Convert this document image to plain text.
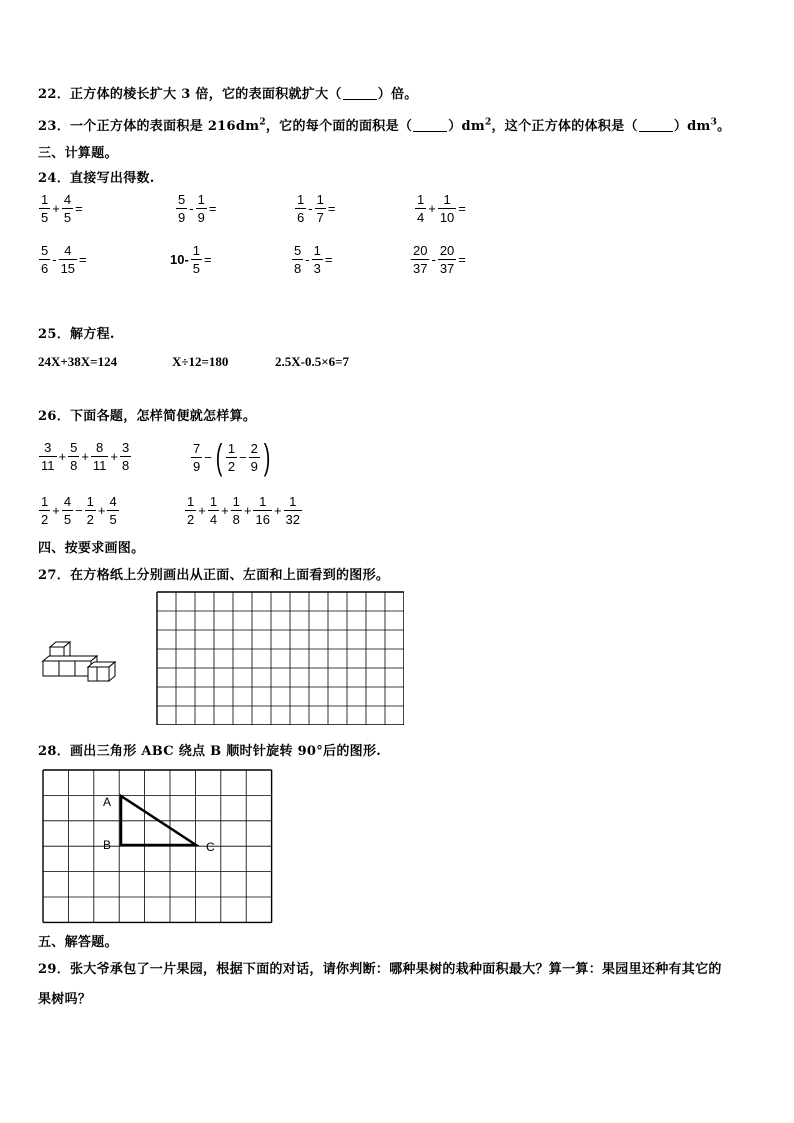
22．正方体的棱长扩大 3 倍，它的表面积就扩大（	）倍。
23．一个正方体的表面积是 $216dm^2$，它的每个面的面积是（	）$dm^2$，这个正方体的体积是（	）$dm^3$。
三、计算题。
24．直接写出得数.
$\frac{1}{5} + \frac{4}{5}$ =	$\frac{5}{9} - \frac{1}{9}$ =	$\frac{1}{6} - \frac{1}{7}$ =	$\frac{1}{4} + \frac{1}{10}$ =
$\frac{5}{6} - \frac{4}{15}$ =	$10- \frac{1}{5}$ =	$\frac{5}{8} - \frac{1}{3}$ =	$\frac{20}{37} - \frac{20}{37}$ =
25．解方程.
24X+38X=124	X÷12=180	2.5X-0.5×6=7
26．下面各题，怎样简便就怎样算。
$\frac{3}{11} + \frac{5}{8} + \frac{8}{11} + \frac{3}{8}$	$\frac{7}{9}$ − ( $\frac{1}{2} - \frac{2}{9}$ )
$\frac{1}{2} + \frac{4}{5} - \frac{1}{2} + \frac{4}{5}$	$\frac{1}{2} + \frac{1}{4} + \frac{1}{8} + \frac{1}{16} + \frac{1}{32}$
四、按要求画图。
27．在方格纸上分别画出从正面、左面和上面看到的图形。
28．画出三角形 ABC 绕点 B 顺时针旋转 90°后的图形.
A
B	C
五、解答题。
29．张大爷承包了一片果园，根据下面的对话，请你判断：哪种果树的栽种面积最大？算一算：果园里还种有其它的
果树吗？
